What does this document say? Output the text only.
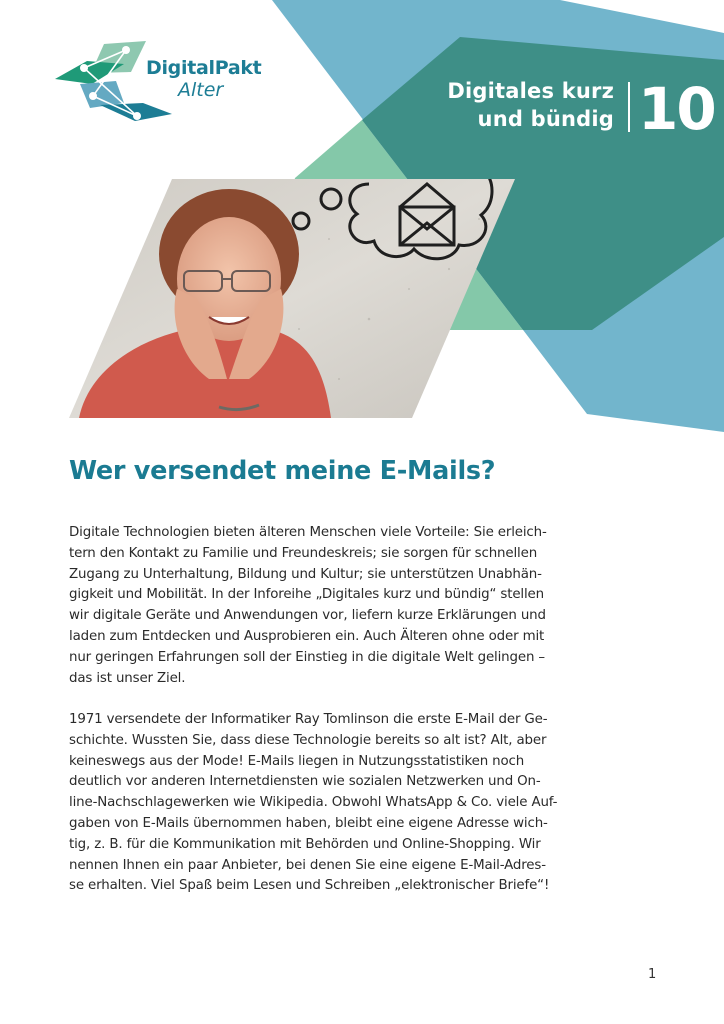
DigitalPakt
Alter	Digitales kurz
und bündig 10
Wer versendet meine E-Mails?
Digitale Technologien bieten älteren Menschen viele Vorteile: Sie erleich-
tern den Kontakt zu Familie und Freundeskreis; sie sorgen für schnellen
Zugang zu Unterhaltung, Bildung und Kultur; sie unterstützen Unabhän-
gigkeit und Mobilität. In der Inforeihe „Digitales kurz und bündig“ stellen
wir digitale Geräte und Anwendungen vor, liefern kurze Erklärungen und
laden zum Entdecken und Ausprobieren ein. Auch Älteren ohne oder mit
nur geringen Erfahrungen soll der Einstieg in die digitale Welt gelingen –
das ist unser Ziel.
1971 versendete der Informatiker Ray Tomlinson die erste E-Mail der Ge-
schichte. Wussten Sie, dass diese Technologie bereits so alt ist? Alt, aber
keineswegs aus der Mode! E-Mails liegen in Nutzungsstatistiken noch
deutlich vor anderen Internetdiensten wie sozialen Netzwerken und On-
line-Nachschlagewerken wie Wikipedia. Obwohl WhatsApp & Co. viele Auf-
gaben von E-Mails übernommen haben, bleibt eine eigene Adresse wich-
tig, z. B. für die Kommunikation mit Behörden und Online-Shopping. Wir
nennen Ihnen ein paar Anbieter, bei denen Sie eine eigene E-Mail-Adres-
se erhalten. Viel Spaß beim Lesen und Schreiben „elektronischer Briefe“!
1
